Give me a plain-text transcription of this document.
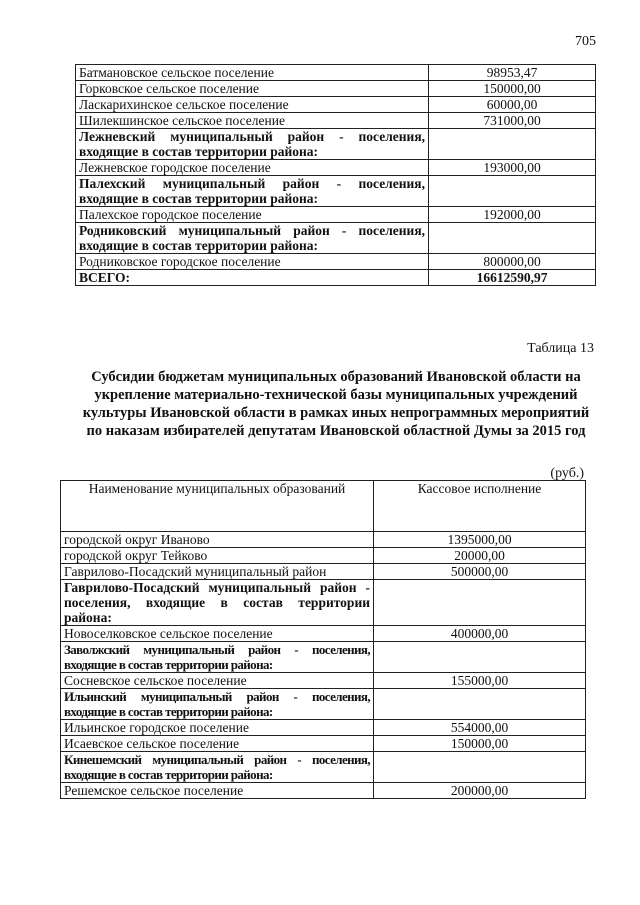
705
Батмановское сельское поселение	98953,47
Горковское сельское поселение	150000,00
Ласкарихинское сельское поселение	60000,00
Шилекшинское сельское поселение	731000,00
Лежневский муниципальный район - поселения, входящие в состав территории района:	
Лежневское городское поселение	193000,00
Палехский муниципальный район - поселения, входящие в состав территории района:	
Палехское городское поселение	192000,00
Родниковский муниципальный район - поселения, входящие в состав территории района:	
Родниковское городское поселение	800000,00
ВСЕГО:	16612590,97
Таблица 13
Субсидии бюджетам муниципальных образований Ивановской области на укрепление материально-технической базы муниципальных учреждений культуры Ивановской области в рамках иных непрограммных мероприятий по наказам избирателей депутатам Ивановской областной Думы за 2015 год
(руб.)
Наименование муниципальных образований	Кассовое исполнение
городской округ Иваново	1395000,00
городской округ Тейково	20000,00
Гаврилово-Посадский муниципальный район	500000,00
Гаврилово-Посадский муниципальный район - поселения, входящие в состав территории района:	
Новоселковское сельское поселение	400000,00
Заволжский муниципальный район - поселения, входящие в состав территории района:	
Сосневское сельское поселение	155000,00
Ильинский муниципальный район - поселения, входящие в состав территории района:	
Ильинское городское поселение	554000,00
Исаевское сельское поселение	150000,00
Кинешемский муниципальный район - поселения, входящие в состав территории района:	
Решемское сельское поселение	200000,00
